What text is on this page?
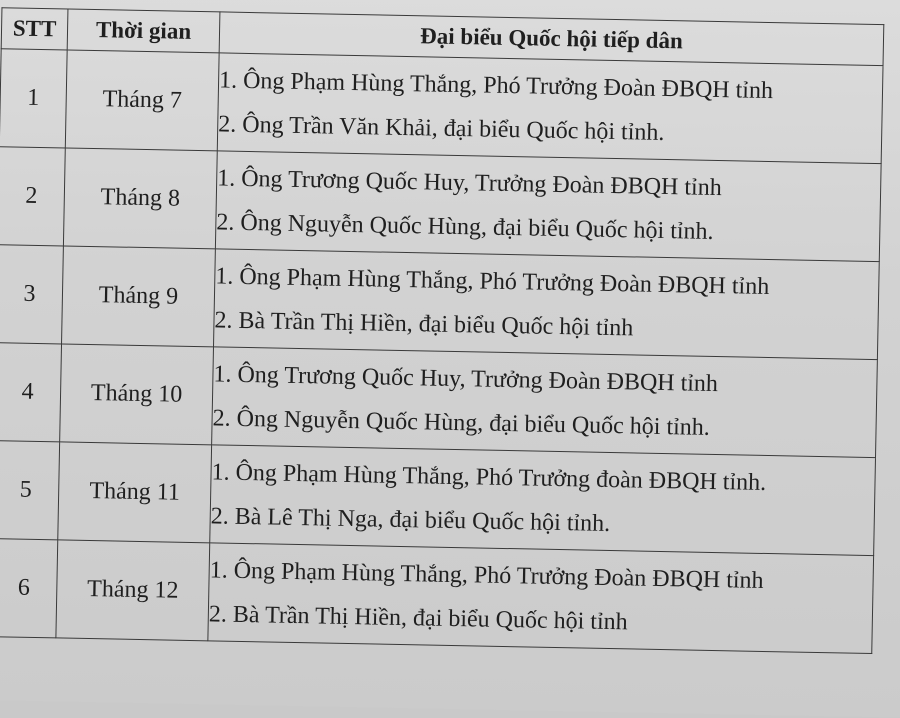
STT	Thời gian	Đại biểu Quốc hội tiếp dân
1	Tháng 7	1. Ông Phạm Hùng Thắng, Phó Trưởng Đoàn ĐBQH tỉnh
2. Ông Trần Văn Khải, đại biểu Quốc hội tỉnh.

2	Tháng 8	1. Ông Trương Quốc Huy, Trưởng Đoàn ĐBQH tỉnh
2. Ông Nguyễn Quốc Hùng, đại biểu Quốc hội tỉnh.

3	Tháng 9	1. Ông Phạm Hùng Thắng, Phó Trưởng Đoàn ĐBQH tỉnh
2. Bà Trần Thị Hiền, đại biểu Quốc hội tỉnh

4	Tháng 10	1. Ông Trương Quốc Huy, Trưởng Đoàn ĐBQH tỉnh
2. Ông Nguyễn Quốc Hùng, đại biểu Quốc hội tỉnh.

5	Tháng 11	1. Ông Phạm Hùng Thắng, Phó Trưởng đoàn ĐBQH tỉnh.
2. Bà Lê Thị Nga, đại biểu Quốc hội tỉnh.

6	Tháng 12	1. Ông Phạm Hùng Thắng, Phó Trưởng Đoàn ĐBQH tỉnh
2. Bà Trần Thị Hiền, đại biểu Quốc hội tỉnh
